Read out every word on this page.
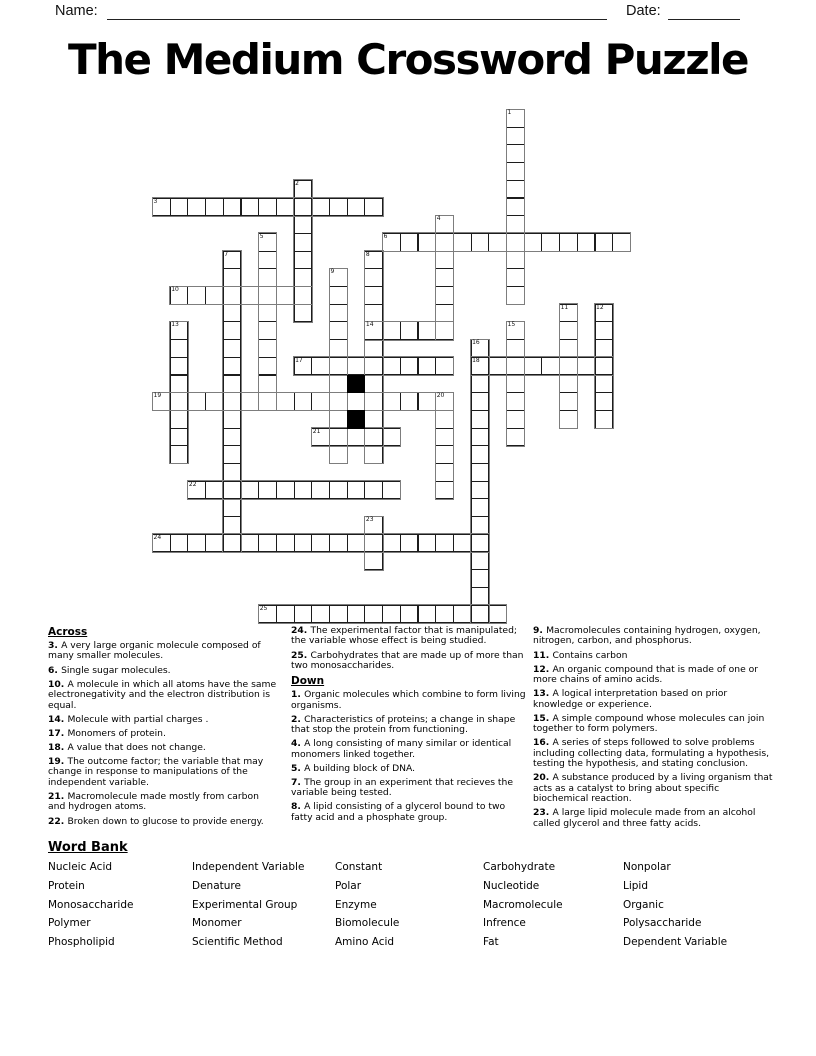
Name:	Date:
The Medium Crossword Puzzle
1
2
3
4
5	6
7	8
9
10
11	12
13	14	15
16
17	18
19	20
21
22
23
24
25
Across

3. A very large organic molecule composed of many smaller molecules.

6. Single sugar molecules.

10. A molecule in which all atoms have the same electronegativity and the electron distribution is equal.

14. Molecule with partial charges .

17. Monomers of protein.

18. A value that does not change.

19. The outcome factor; the variable that may change in response to manipulations of the independent variable.

21. Macromolecule made mostly from carbon and hydrogen atoms.

22. Broken down to glucose to provide energy.

24. The experimental factor that is manipulated; the variable whose effect is being studied.

25. Carbohydrates that are made up of more than two monosaccharides.

Down

1. Organic molecules which combine to form living organisms.

2. Characteristics of proteins; a change in shape that stop the protein from functioning.

4. A long consisting of many similar or identical monomers linked together.

5. A building block of DNA.

7. The group in an experiment that recieves the variable being tested.

8. A lipid consisting of a glycerol bound to two fatty acid and a phosphate group.

9. Macromolecules containing hydrogen, oxygen, nitrogen, carbon, and phosphorus.

11. Contains carbon

12. An organic compound that is made of one or more chains of amino acids.

13. A logical interpretation based on prior knowledge or experience.

15. A simple compound whose molecules can join together to form polymers.

16. A series of steps followed to solve problems including collecting data, formulating a hypothesis, testing the hypothesis, and stating conclusion.

20. A substance produced by a living organism that acts as a catalyst to bring about specific biochemical reaction.

23. A large lipid molecule made from an alcohol called glycerol and three fatty acids.

Word Bank
Nucleic Acid
Protein
Monosaccharide
Polymer
Phospholipid
Independent Variable
Denature
Experimental Group
Monomer
Scientific Method
Constant
Polar
Enzyme
Biomolecule
Amino Acid
Carbohydrate
Nucleotide
Macromolecule
Infrence
Fat
Nonpolar
Lipid
Organic
Polysaccharide
Dependent Variable
